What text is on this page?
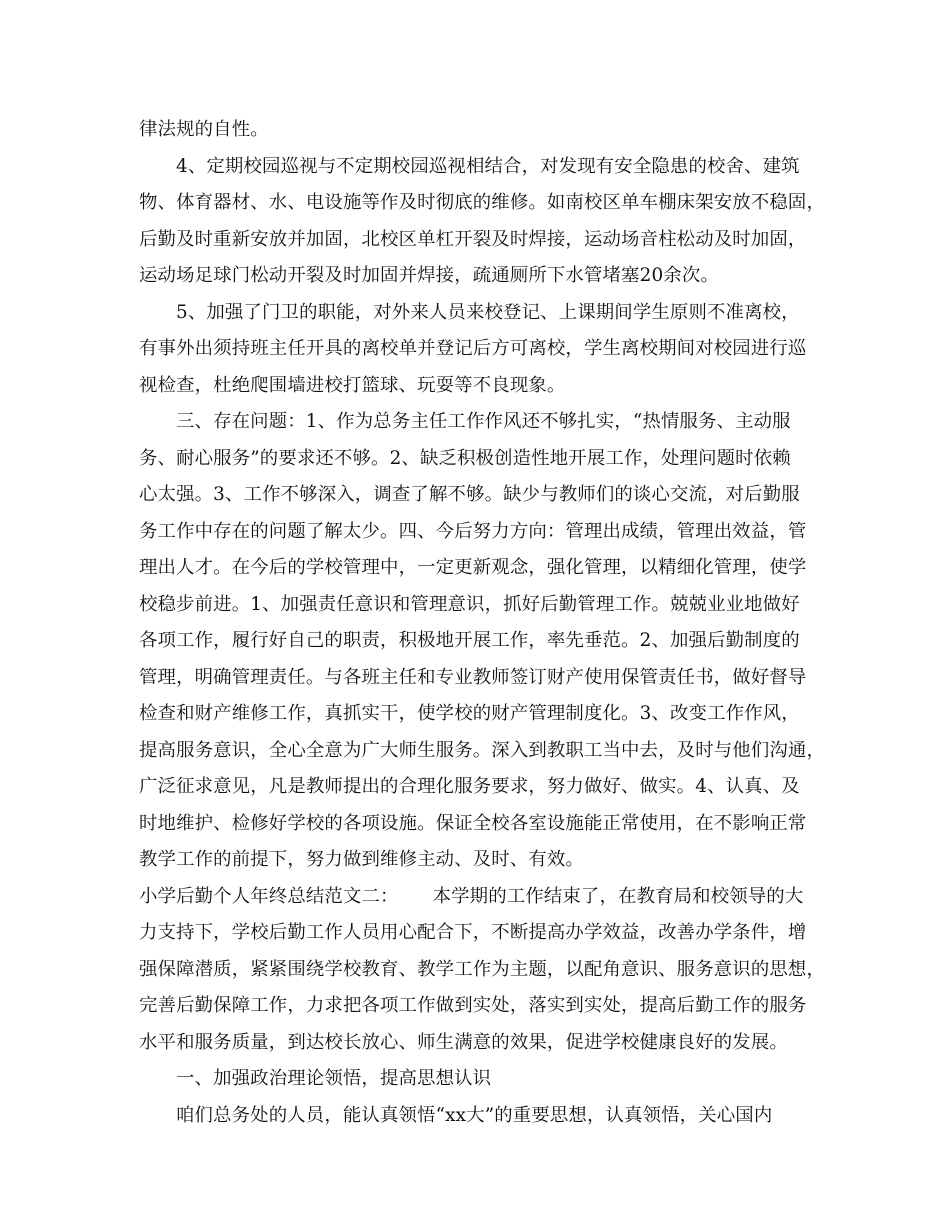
律法规的自性。
4、定期校园巡视与不定期校园巡视相结合，对发现有安全隐患的校舍、建筑
物、体育器材、水、电设施等作及时彻底的维修。如南校区单车棚床架安放不稳固，
后勤及时重新安放并加固，北校区单杠开裂及时焊接，运动场音柱松动及时加固，
运动场足球门松动开裂及时加固并焊接，疏通厕所下水管堵塞20余次。
5、加强了门卫的职能，对外来人员来校登记、上课期间学生原则不准离校，
有事外出须持班主任开具的离校单并登记后方可离校，学生离校期间对校园进行巡
视检查，杜绝爬围墙进校打篮球、玩耍等不良现象。
三、存在问题：1、作为总务主任工作作风还不够扎实，“热情服务、主动服
务、耐心服务”的要求还不够。2、缺乏积极创造性地开展工作，处理问题时依赖
心太强。3、工作不够深入，调查了解不够。缺少与教师们的谈心交流，对后勤服
务工作中存在的问题了解太少。四、今后努力方向：管理出成绩，管理出效益，管
理出人才。在今后的学校管理中，一定更新观念，强化管理，以精细化管理，使学
校稳步前进。1、加强责任意识和管理意识，抓好后勤管理工作。兢兢业业地做好
各项工作，履行好自己的职责，积极地开展工作，率先垂范。2、加强后勤制度的
管理，明确管理责任。与各班主任和专业教师签订财产使用保管责任书，做好督导
检查和财产维修工作，真抓实干，使学校的财产管理制度化。3、改变工作作风，
提高服务意识，全心全意为广大师生服务。深入到教职工当中去，及时与他们沟通，
广泛征求意见，凡是教师提出的合理化服务要求，努力做好、做实。4、认真、及
时地维护、检修好学校的各项设施。保证全校各室设施能正常使用，在不影响正常
教学工作的前提下，努力做到维修主动、及时、有效。
小学后勤个人年终总结范文二： 本学期的工作结束了，在教育局和校领导的大
力支持下，学校后勤工作人员用心配合下，不断提高办学效益，改善办学条件，增
强保障潜质，紧紧围绕学校教育、教学工作为主题，以配角意识、服务意识的思想，
完善后勤保障工作，力求把各项工作做到实处，落实到实处，提高后勤工作的服务
水平和服务质量，到达校长放心、师生满意的效果，促进学校健康良好的发展。
一、加强政治理论领悟，提高思想认识
咱们总务处的人员，能认真领悟“xx大”的重要思想，认真领悟，关心国内
